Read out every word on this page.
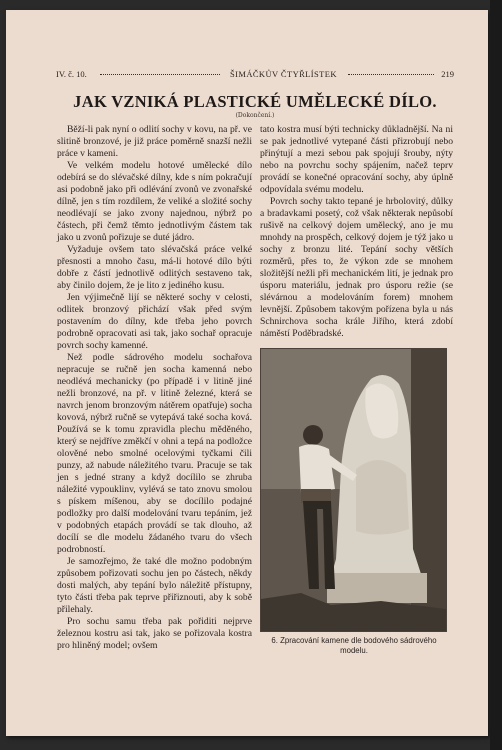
IV. č. 10.	ŠIMÁČKŮV ČTYŘLÍSTEK	219
JAK VZNIKÁ PLASTICKÉ UMĚLECKÉ DÍLO.
(Dokončení.)

Běží-li pak nyní o odlití sochy v kovu, na př. ve slitině bronzové, je již práce poměrně snazší nežli práce v kameni.

Ve velkém modelu hotové umělecké dílo odebírá se do slévačské dílny, kde s ním pokračují asi podobně jako při odlévání zvonů ve zvonařské dílně, jen s tím rozdílem, že veliké a složité sochy neodlévají se jako zvony najednou, nýbrž po částech, při čemž těmto jednotlivým částem tak jako u zvonů pořizuje se duté jádro.

Vyžaduje ovšem tato slévačská práce velké přesnosti a mnoho času, má-li hotové dílo býti dobře z částí jednotlivě odlitých sestaveno tak, aby činilo dojem, že je lito z jediného kusu.

Jen výjimečně lijí se některé sochy v celosti, odlitek bronzový přichází však před svým postavením do dílny, kde třeba jeho povrch podrobně opracovati asi tak, jako sochař opracuje povrch sochy kamenné.

Než podle sádrového modelu sochařova nepracuje se ručně jen socha kamenná nebo neodlévá mechanicky (po případě i v litině jiné nežli bronzové, na př. v litině železné, která se navrch jenom bronzovým nátěrem opatřuje) socha kovová, nýbrž ručně se vytepává také socha ková. Používá se k tomu zpravidla plechu měděného, který se nejdříve změkčí v ohni a tepá na podložce olověné nebo smolné ocelovými tyčkami čili punzy, až nabude náležitého tvaru. Pracuje se tak jen s jedné strany a když docílilo se zhruba náležité vypouklinv, vylévá se tato znovu smolou s pískem míšenou, aby se docílilo podajné podložky pro další modelování tvaru tepáním, jež v podobných etapách provádí se tak dlouho, až docílí se dle modelu žádaného tvaru do všech podrobností.

Je samozřejmo, že také dle možno podobným způsobem pořizovati sochu jen po částech, někdy dosti malých, aby tepání bylo náležitě přístupny, tyto části třeba pak teprve přiřiznouti, aby k sobě přilehaly.

Pro sochu samu třeba pak pořiditi nejprve železnou kostru asi tak, jako se pořizovala kostra pro hliněný model; ovšem

tato kostra musí býti technicky důkladnější. Na ni se pak jednotlivé vytepané části přizrobují nebo přinýtují a mezi sebou pak spojují šrouby, nýty nebo na povrchu sochy spájením, načež teprv provádí se konečné opracování sochy, aby úplně odpovídala svému modelu.

Povrch sochy takto tepané je hrbolovitý, důlky a bradavkami posetý, což však některak nepůsobí rušivě na celkový dojem umělecký, ano je mu mnohdy na prospěch, celkový dojem je týž jako u sochy z bronzu lité. Tepání sochy větších rozměrů, přes to, že výkon zde se mnohem složitější nežli při mechanickém lití, je jednak pro úsporu materiálu, jednak pro úsporu režie (se slévárnou a modelováním forem) mnohem levnější. Způsobem takovým pořízena byla u nás Schnirchova socha krále Jiřího, která zdobí náměstí Poděbradské.

6. Zpracování kamene dle bodového sádrového modelu.
